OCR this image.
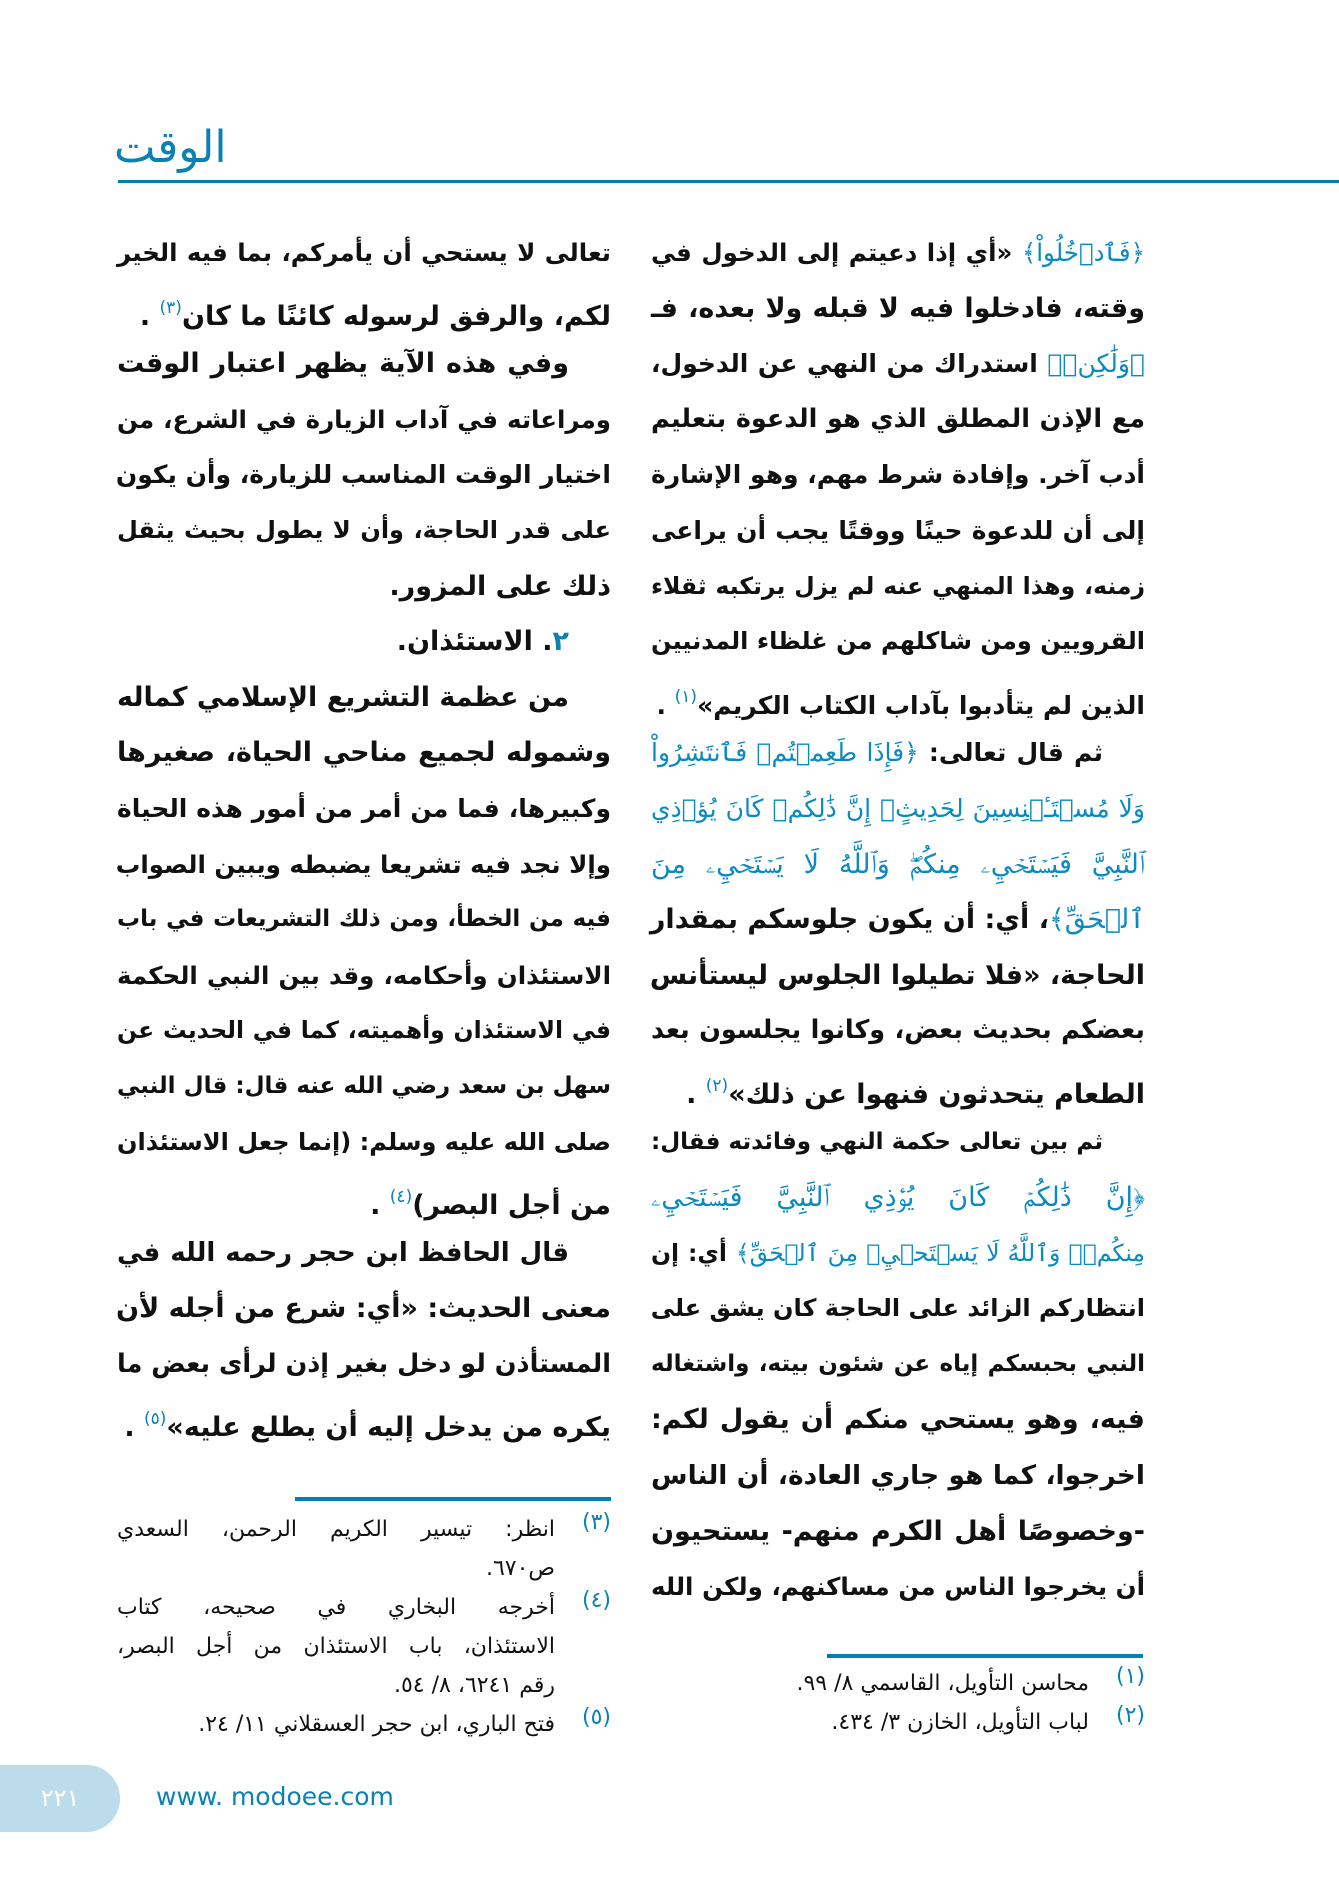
الوقت
﴿فَٱدۡخُلُواْ﴾ «أي إذا دعيتم إلى الدخول في
وقته، فادخلوا فيه لا قبله ولا بعده، فـ
﴿وَلَٰكِنۡ﴾ استدراك من النهي عن الدخول،
مع الإذن المطلق الذي هو الدعوة بتعليم
أدب آخر. وإفادة شرط مهم، وهو الإشارة
إلى أن للدعوة حينًا ووقتًا يجب أن يراعى
زمنه، وهذا المنهي عنه لم يزل يرتكبه ثقلاء
القرويين ومن شاكلهم من غلظاء المدنيين
الذين لم يتأدبوا بآداب الكتاب الكريم»$^{(١)}$ .
ثم قال تعالى: ﴿فَإِذَا طَعِمۡتُمۡ فَٱنتَشِرُواْ
وَلَا مُسۡتَـٔۡنِسِينَ لِحَدِيثٍۚ إِنَّ ذَٰلِكُمۡ كَانَ يُؤۡذِي
ٱلنَّبِيَّ فَيَسۡتَحۡيِۦ مِنكُمۡۖ وَٱللَّهُ لَا يَسۡتَحۡيِۦ مِنَ
ٱلۡحَقِّ﴾، أي: أن يكون جلوسكم بمقدار
الحاجة، «فلا تطيلوا الجلوس ليستأنس
بعضكم بحديث بعض، وكانوا يجلسون بعد
الطعام يتحدثون فنهوا عن ذلك»$^{(٢)}$ .
ثم بين تعالى حكمة النهي وفائدته فقال:
﴿إِنَّ ذَٰلِكُمۡ كَانَ يُؤۡذِي ٱلنَّبِيَّ فَيَسۡتَحۡيِۦ
مِنكُمۡۖ وَٱللَّهُ لَا يَسۡتَحۡيِۦ مِنَ ٱلۡحَقِّ﴾ أي: إن
انتظاركم الزائد على الحاجة كان يشق على
النبي بحبسكم إياه عن شئون بيته، واشتغاله
فيه، وهو يستحي منكم أن يقول لكم:
اخرجوا، كما هو جاري العادة، أن الناس
-وخصوصًا أهل الكرم منهم- يستحيون
أن يخرجوا الناس من مساكنهم، ولكن الله
تعالى لا يستحي أن يأمركم، بما فيه الخير
لكم، والرفق لرسوله كائنًا ما كان$^{(٣)}$ .
وفي هذه الآية يظهر اعتبار الوقت
ومراعاته في آداب الزيارة في الشرع، من
اختيار الوقت المناسب للزيارة، وأن يكون
على قدر الحاجة، وأن لا يطول بحيث يثقل
ذلك على المزور.
٢. الاستئذان.
من عظمة التشريع الإسلامي كماله
وشموله لجميع مناحي الحياة، صغيرها
وكبيرها، فما من أمر من أمور هذه الحياة
وإلا نجد فيه تشريعا يضبطه ويبين الصواب
فيه من الخطأ، ومن ذلك التشريعات في باب
الاستئذان وأحكامه، وقد بين النبي الحكمة
في الاستئذان وأهميته، كما في الحديث عن
سهل بن سعد رضي الله عنه قال: قال النبي
صلى الله عليه وسلم: (إنما جعل الاستئذان
من أجل البصر)$^{(٤)}$ .
قال الحافظ ابن حجر رحمه الله في
معنى الحديث: «أي: شرع من أجله لأن
المستأذن لو دخل بغير إذن لرأى بعض ما
يكره من يدخل إليه أن يطلع عليه»$^{(٥)}$ .
(١)
محاسن التأويل، القاسمي ٨/ ٩٩.
(٢)
لباب التأويل، الخازن ٣/ ٤٣٤.
(٣)
انظر: تيسير الكريم الرحمن، السعدي
ص٦٧٠.
(٤)
أخرجه البخاري في صحيحه، كتاب
الاستئذان، باب الاستئذان من أجل البصر،
رقم ٦٢٤١، ٨/ ٥٤.
(٥)
فتح الباري، ابن حجر العسقلاني ١١/ ٢٤.
٢٢١	www. modoee.com
